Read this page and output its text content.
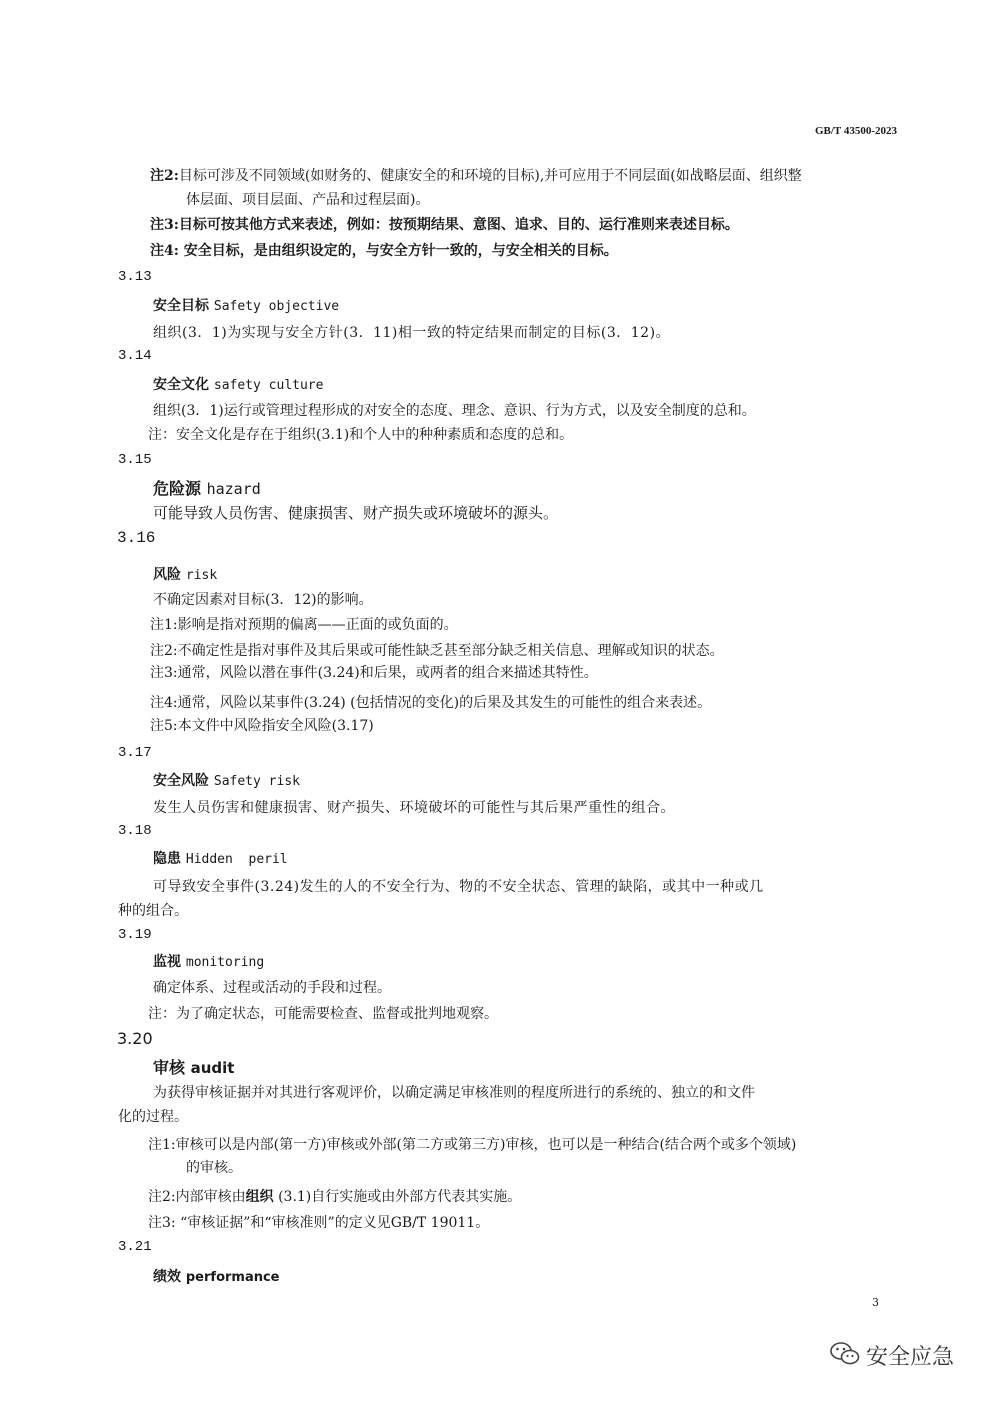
GB/T 43500-2023
注2:目标可涉及不同领域(如财务的、健康安全的和环境的目标),并可应用于不同层面(如战略层面、组织整
体层面、项目层面、产品和过程层面)。
注3:目标可按其他方式来表述，例如：按预期结果、意图、追求、目的、运行准则来表述目标。
注4: 安全目标，是由组织设定的，与安全方针一致的，与安全相关的目标。
3.13
安全目标 Safety objective
组织(3．1)为实现与安全方针(3．11)相一致的特定结果而制定的目标(3．12)。
3.14
安全文化 safety culture
组织(3．1)运行或管理过程形成的对安全的态度、理念、意识、行为方式，以及安全制度的总和。
注：安全文化是存在于组织(3.1)和个人中的种种素质和态度的总和。
3.15
危险源 hazard
可能导致人员伤害、健康损害、财产损失或环境破坏的源头。
3.16
风险 risk
不确定因素对目标(3．12)的影响。
注1:影响是指对预期的偏离——正面的或负面的。
注2:不确定性是指对事件及其后果或可能性缺乏甚至部分缺乏相关信息、理解或知识的状态。
注3:通常，风险以潜在事件(3.24)和后果，或两者的组合来描述其特性。
注4:通常，风险以某事件(3.24) (包括情况的变化)的后果及其发生的可能性的组合来表述。
注5:本文件中风险指安全风险(3.17)
3.17
安全风险 Safety risk
发生人员伤害和健康损害、财产损失、环境破坏的可能性与其后果严重性的组合。
3.18
隐患 Hidden  peril
可导致安全事件(3.24)发生的人的不安全行为、物的不安全状态、管理的缺陷，或其中一种或几
种的组合。
3.19
监视 monitoring
确定体系、过程或活动的手段和过程。
注：为了确定状态，可能需要检查、监督或批判地观察。
3.20
审核 audit
为获得审核证据并对其进行客观评价，以确定满足审核准则的程度所进行的系统的、独立的和文件
化的过程。
注1:审核可以是内部(第一方)审核或外部(第二方或第三方)审核，也可以是一种结合(结合两个或多个领域)
的审核。
注2:内部审核由组织 (3.1)自行实施或由外部方代表其实施。
注3: “审核证据”和“审核准则”的定义见GB/T 19011。
3.21
绩效 performance
3
安全应急
